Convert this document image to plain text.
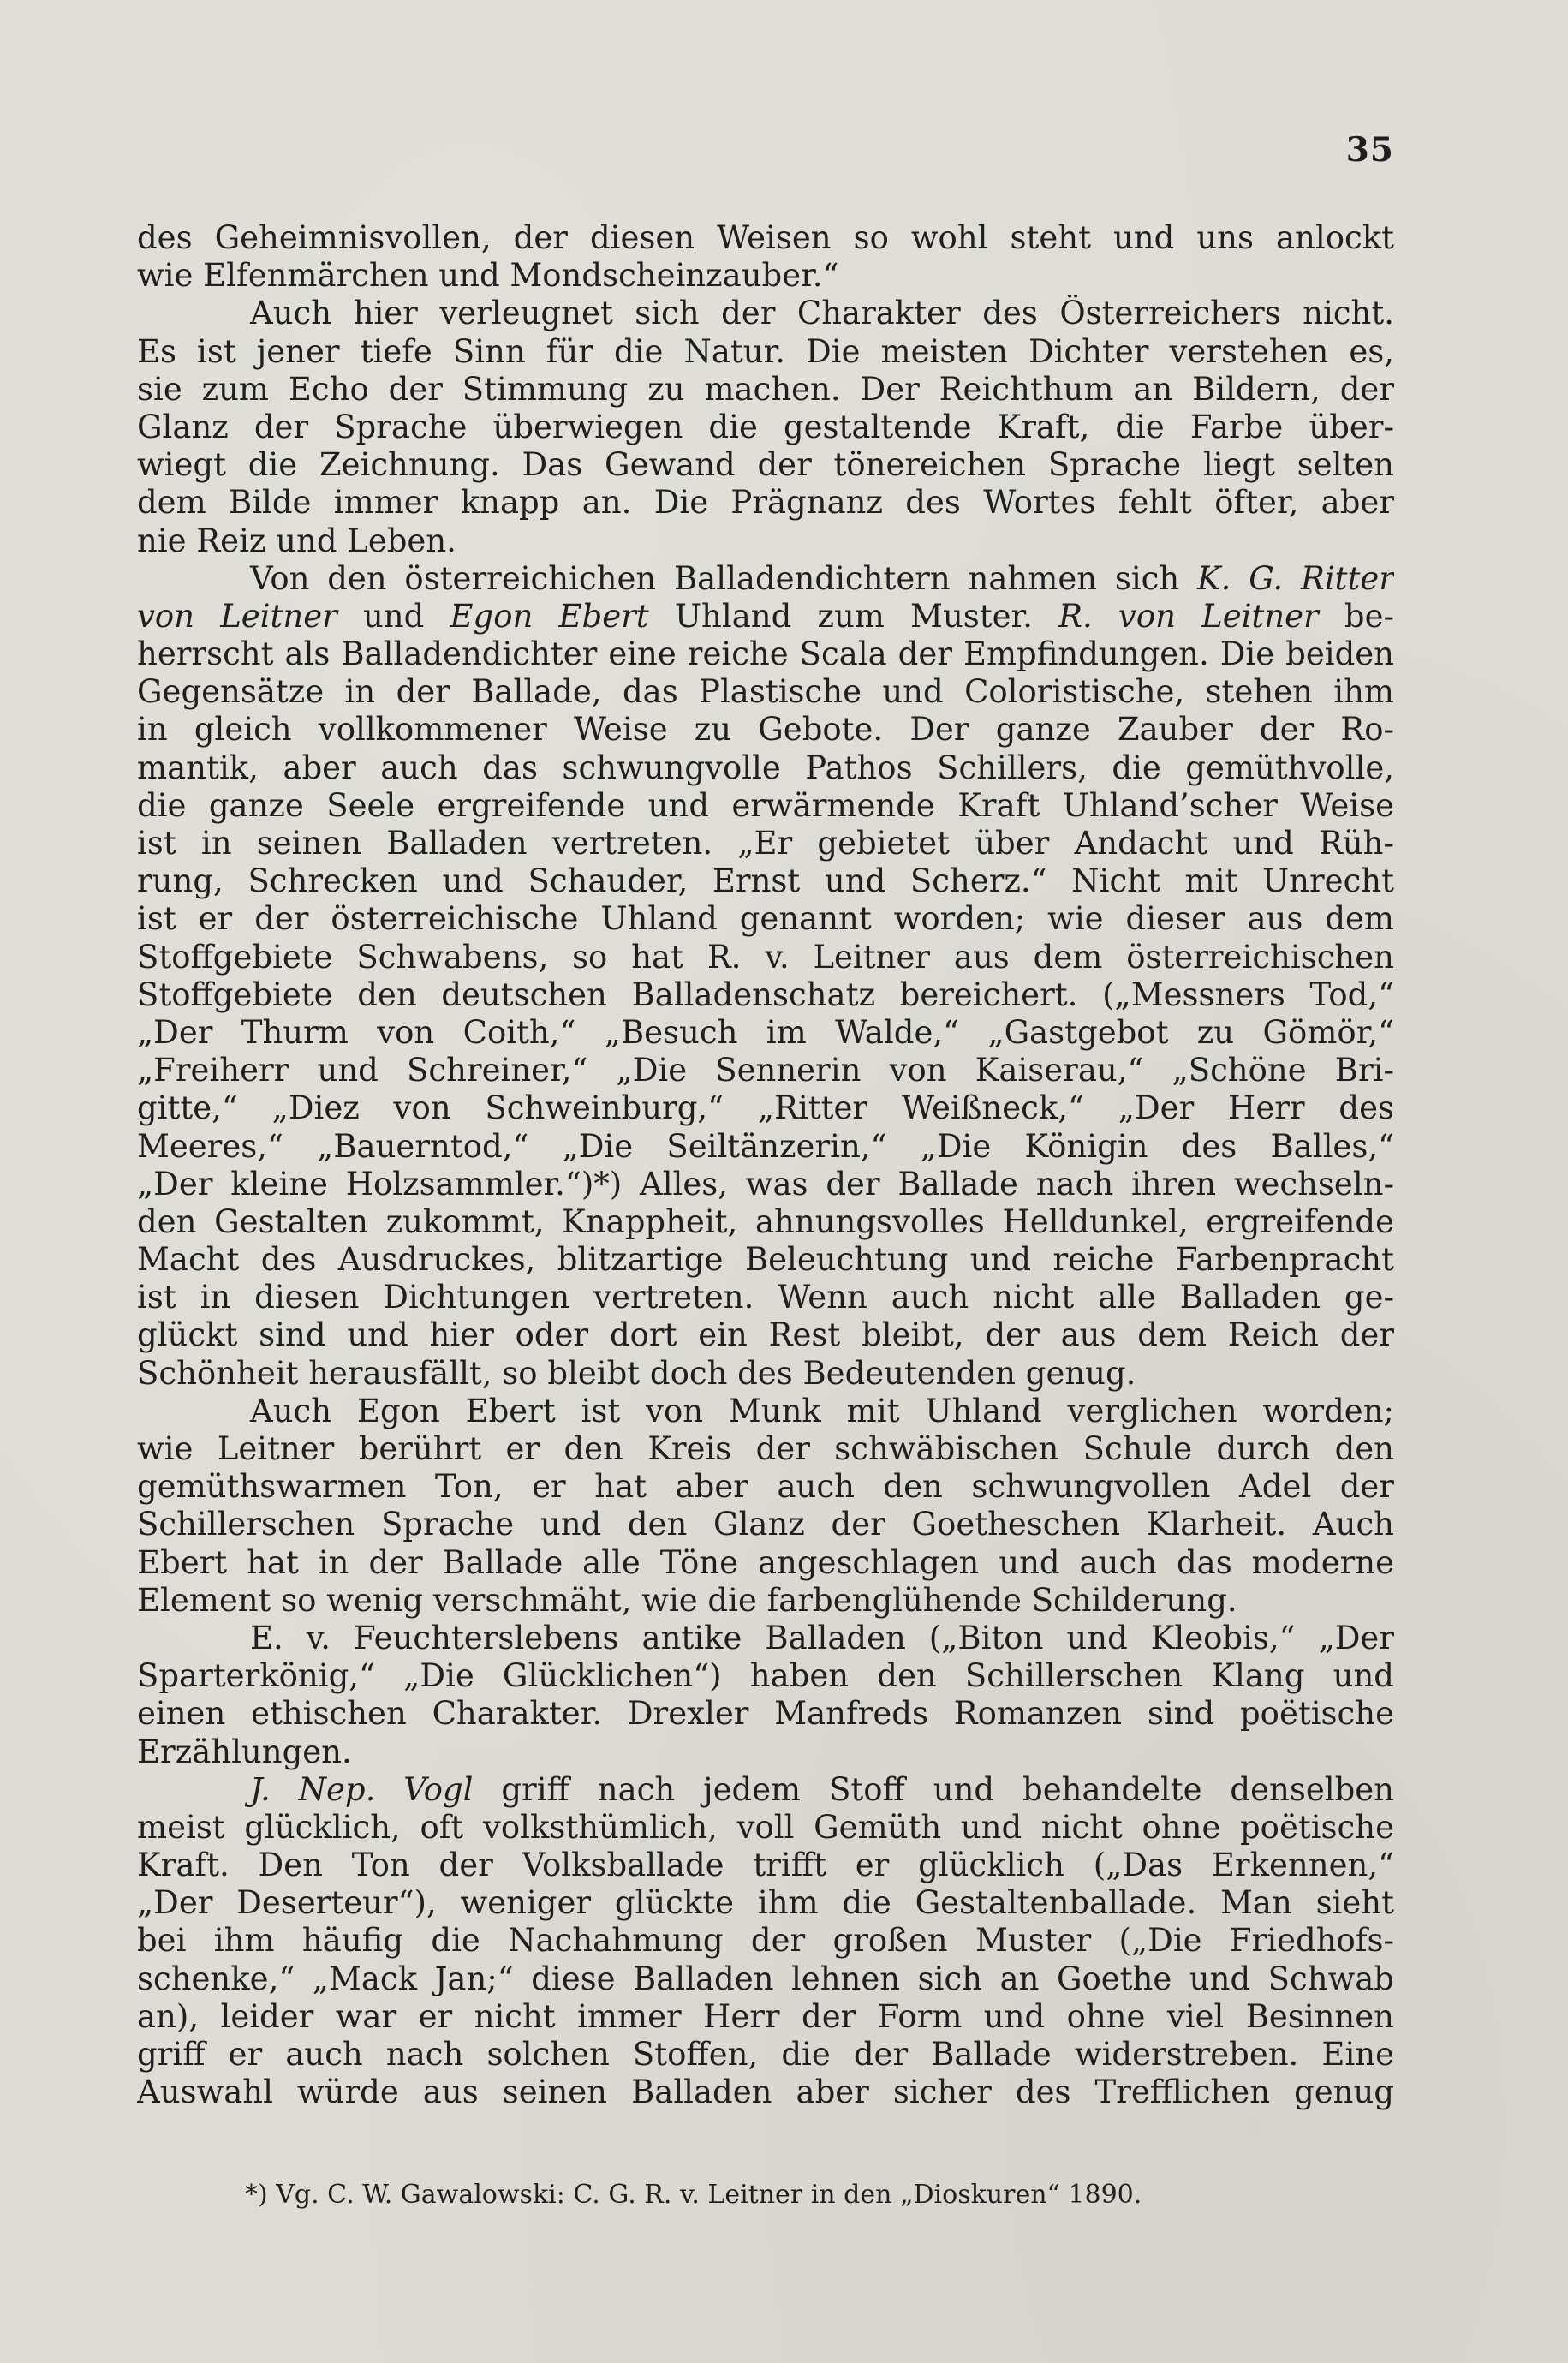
35

des Geheimnisvollen, der diesen Weisen so wohl steht und uns anlockt
wie Elfenmärchen und Mondscheinzauber.“
Auch hier verleugnet sich der Charakter des Österreichers nicht.
Es ist jener tiefe Sinn für die Natur. Die meisten Dichter verstehen es,
sie zum Echo der Stimmung zu machen. Der Reichthum an Bildern, der
Glanz der Sprache überwiegen die gestaltende Kraft, die Farbe über-
wiegt die Zeichnung. Das Gewand der tönereichen Sprache liegt selten
dem Bilde immer knapp an. Die Prägnanz des Wortes fehlt öfter, aber
nie Reiz und Leben.
Von den österreichichen Balladendichtern nahmen sich K. G. Ritter
von Leitner und Egon Ebert Uhland zum Muster. R. von Leitner be-
herrscht als Balladendichter eine reiche Scala der Empfindungen. Die beiden
Gegensätze in der Ballade, das Plastische und Coloristische, stehen ihm
in gleich vollkommener Weise zu Gebote. Der ganze Zauber der Ro-
mantik, aber auch das schwungvolle Pathos Schillers, die gemüthvolle,
die ganze Seele ergreifende und erwärmende Kraft Uhland’scher Weise
ist in seinen Balladen vertreten. „Er gebietet über Andacht und Rüh-
rung, Schrecken und Schauder, Ernst und Scherz.“ Nicht mit Unrecht
ist er der österreichische Uhland genannt worden; wie dieser aus dem
Stoffgebiete Schwabens, so hat R. v. Leitner aus dem österreichischen
Stoffgebiete den deutschen Balladenschatz bereichert. („Messners Tod,“
„Der Thurm von Coith,“ „Besuch im Walde,“ „Gastgebot zu Gömör,“
„Freiherr und Schreiner,“ „Die Sennerin von Kaiserau,“ „Schöne Bri-
gitte,“ „Diez von Schweinburg,“ „Ritter Weißneck,“ „Der Herr des
Meeres,“ „Bauerntod,“ „Die Seiltänzerin,“ „Die Königin des Balles,“
„Der kleine Holzsammler.“)*) Alles, was der Ballade nach ihren wechseln-
den Gestalten zukommt, Knappheit, ahnungsvolles Helldunkel, ergreifende
Macht des Ausdruckes, blitzartige Beleuchtung und reiche Farbenpracht
ist in diesen Dichtungen vertreten. Wenn auch nicht alle Balladen ge-
glückt sind und hier oder dort ein Rest bleibt, der aus dem Reich der
Schönheit herausfällt, so bleibt doch des Bedeutenden genug.
Auch Egon Ebert ist von Munk mit Uhland verglichen worden;
wie Leitner berührt er den Kreis der schwäbischen Schule durch den
gemüthswarmen Ton, er hat aber auch den schwungvollen Adel der
Schillerschen Sprache und den Glanz der Goetheschen Klarheit. Auch
Ebert hat in der Ballade alle Töne angeschlagen und auch das moderne
Element so wenig verschmäht, wie die farbenglühende Schilderung.
E. v. Feuchterslebens antike Balladen („Biton und Kleobis,“ „Der
Sparterkönig,“ „Die Glücklichen“) haben den Schillerschen Klang und
einen ethischen Charakter. Drexler Manfreds Romanzen sind poëtische
Erzählungen.
J. Nep. Vogl griff nach jedem Stoff und behandelte denselben
meist glücklich, oft volksthümlich, voll Gemüth und nicht ohne poëtische
Kraft. Den Ton der Volksballade trifft er glücklich („Das Erkennen,“
„Der Deserteur“), weniger glückte ihm die Gestaltenballade. Man sieht
bei ihm häufig die Nachahmung der großen Muster („Die Friedhofs-
schenke,“ „Mack Jan;“ diese Balladen lehnen sich an Goethe und Schwab
an), leider war er nicht immer Herr der Form und ohne viel Besinnen
griff er auch nach solchen Stoffen, die der Ballade widerstreben. Eine
Auswahl würde aus seinen Balladen aber sicher des Trefflichen genug

*) Vg. C. W. Gawalowski: C. G. R. v. Leitner in den „Dioskuren“ 1890.
